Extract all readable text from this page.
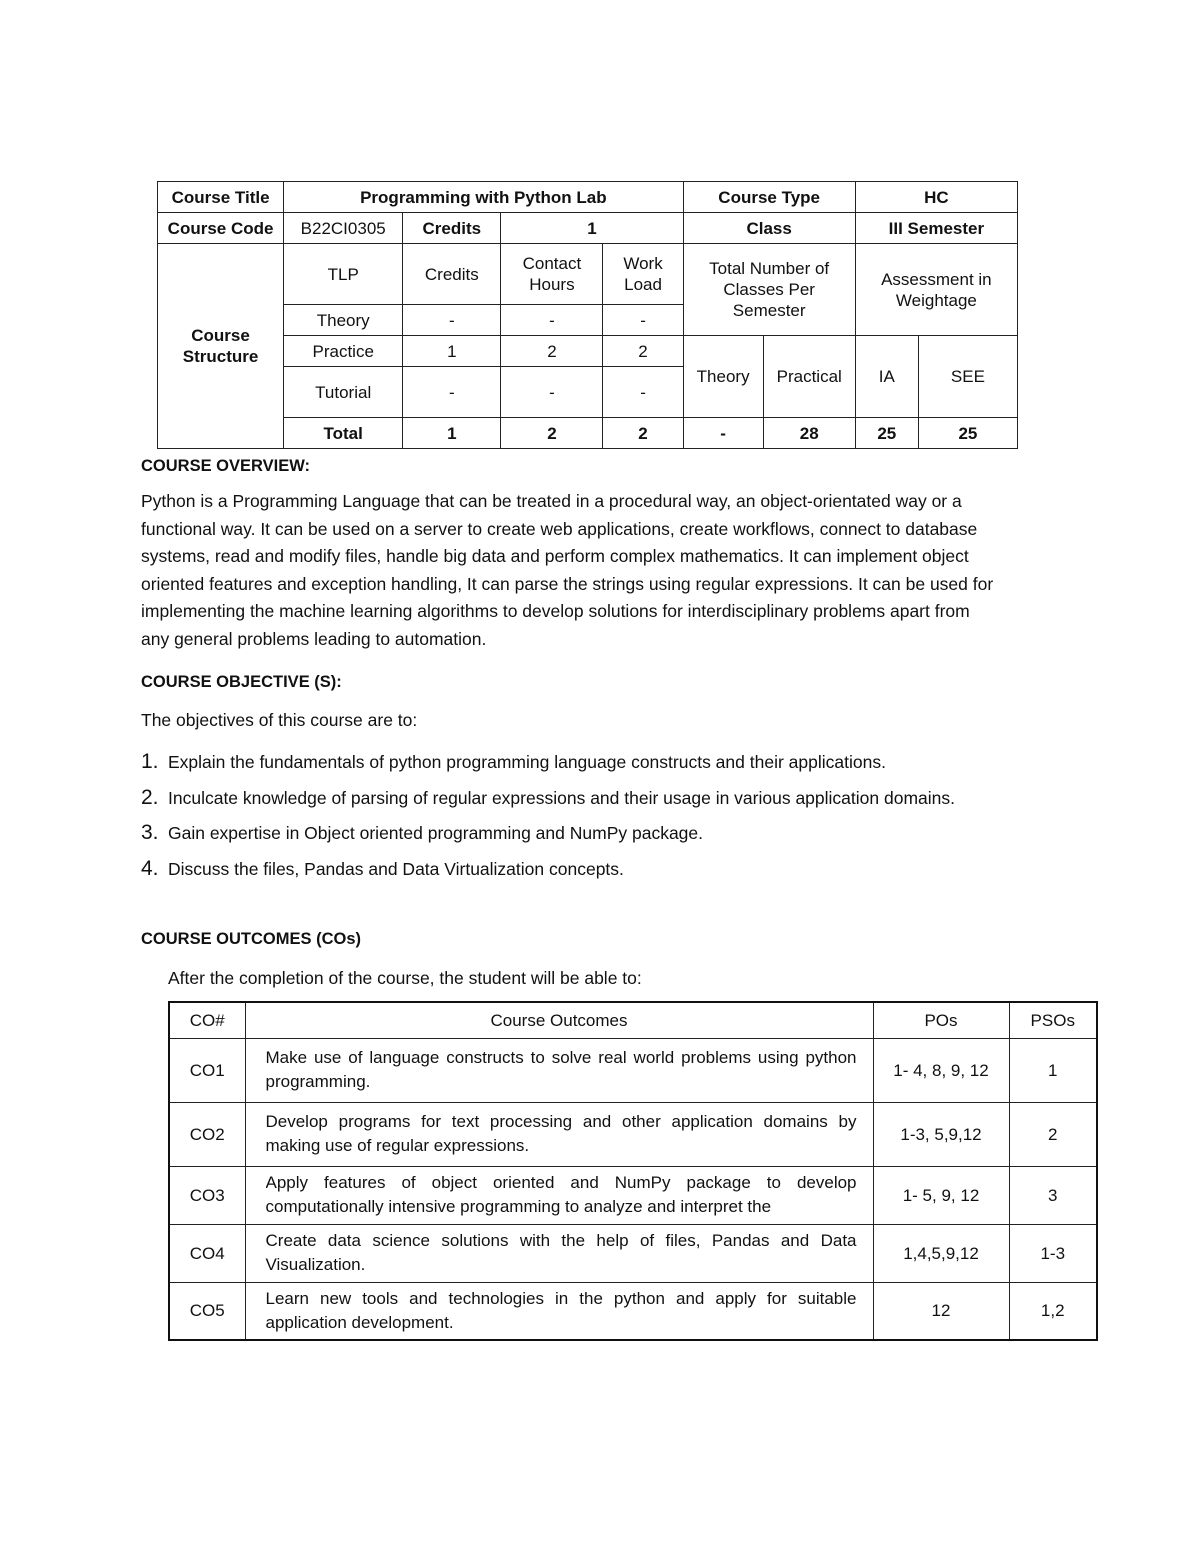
Course Title	Programming with Python Lab				Course Type		HC	
Course Code	B22CI0305	Credits	1		Class		III Semester	
Course Structure	TLP	Credits	Contact Hours	Work Load	Total Number of Classes Per Semester		Assessment in Weightage	
	Theory	-	-	-				
	Practice	1	2	2	Theory	Practical	IA	SEE
	Tutorial	-	-	-				
	Total	1	2	2	-	28	25	25
COURSE OVERVIEW:
Python is a Programming Language that can be treated in a procedural way, an object-orientated way or a
functional way. It can be used on a server to create web applications, create workflows, connect to database
systems, read and modify files, handle big data and perform complex mathematics. It can implement object
oriented features and exception handling, It can parse the strings using regular expressions. It can be used for
implementing the machine learning algorithms to develop solutions for interdisciplinary problems apart from
any general problems leading to automation.
COURSE OBJECTIVE (S):
The objectives of this course are to:
1. Explain the fundamentals of python programming language constructs and their applications.
2. Inculcate knowledge of parsing of regular expressions and their usage in various application domains.
3. Gain expertise in Object oriented programming and NumPy package.
4. Discuss the files, Pandas and Data Virtualization concepts.
COURSE OUTCOMES (COs)
After the completion of the course, the student will be able to:
CO#	Course Outcomes	POs	PSOs
CO1	Make use of language constructs to solve real world problems using python programming.	1- 4, 8, 9, 12	1
CO2	Develop programs for text processing and other application domains by making use of regular expressions.	1-3, 5,9,12	2
CO3	Apply features of object oriented and NumPy package to develop computationally intensive programming to analyze and interpret the	1- 5, 9, 12	3
CO4	Create data science solutions with the help of files, Pandas and Data Visualization.	1,4,5,9,12	1-3
CO5	Learn new tools and technologies in the python and apply for suitable application development.	12	1,2
